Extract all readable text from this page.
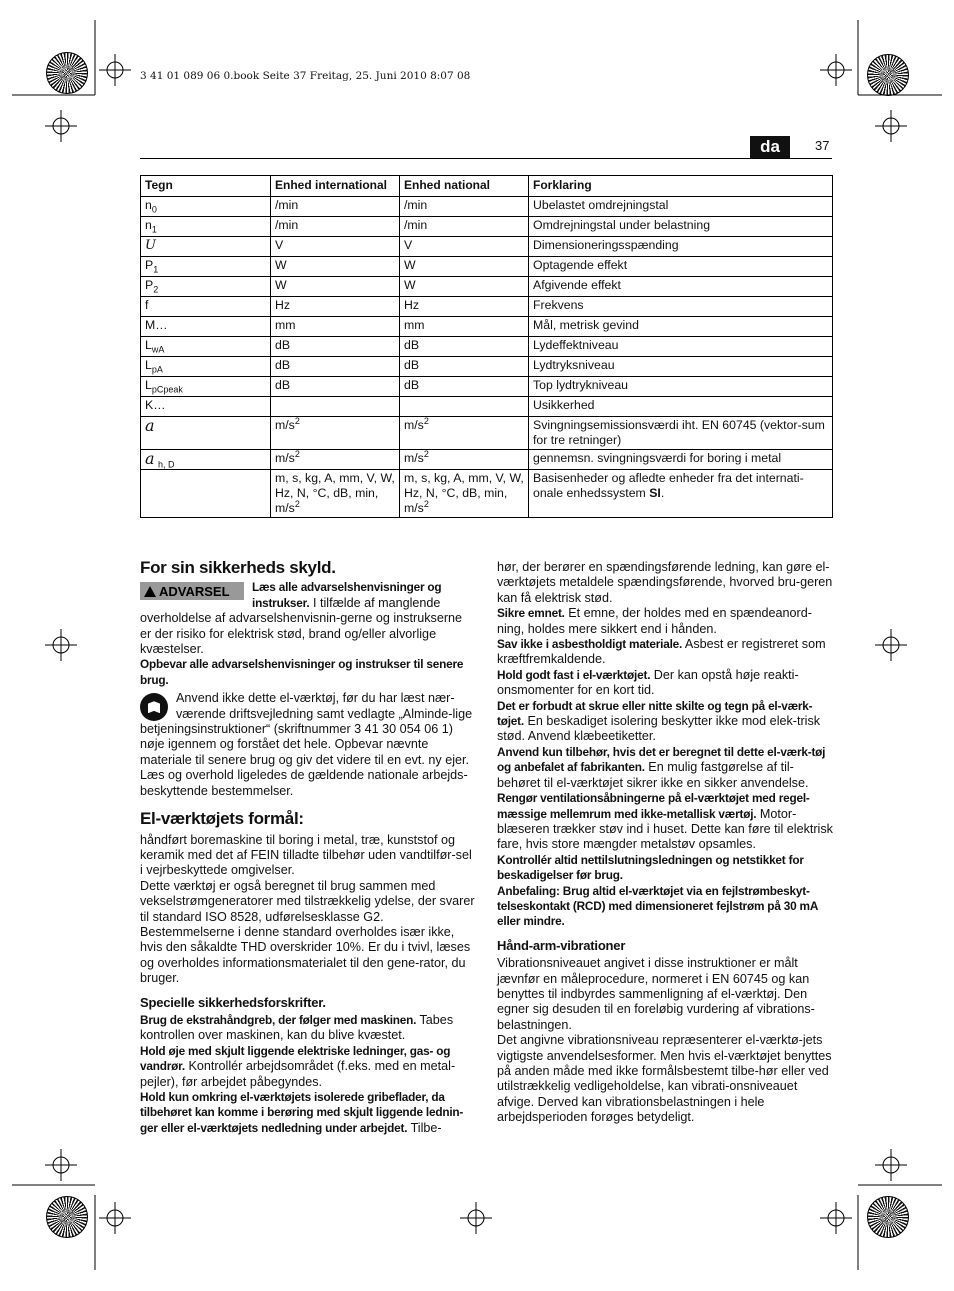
3 41 01 089 06 0.book Seite 37 Freitag, 25. Juni 2010 8:07 08
da	37
Tegn	Enhed international	Enhed national	Forklaring
$n_0$	/min	/min	Ubelastet omdrejningstal
$n_1$	/min	/min	Omdrejningstal under belastning
U	V	V	Dimensioneringsspænding
$P_1$	W	W	Optagende effekt
$P_2$	W	W	Afgivende effekt
f	Hz	Hz	Frekvens
M…	mm	mm	Mål, metrisk gevind
$L_{wA}$	dB	dB	Lydeffektniveau
$L_{pA}$	dB	dB	Lydtryksniveau
$L_{pCpeak}$	dB	dB	Top lydtrykniveau
K…			Usikkerhed
a	$m/s^2$	$m/s^2$	Svingningsemissionsværdi iht. EN 60745 (vektor-sum for tre retninger)
a $_{h, D}$	$m/s^2$	$m/s^2$	gennemsn. svingningsværdi for boring i metal
	m, s, kg, A, mm, V, W, Hz, N, °C, dB, min, $m/s^2$	m, s, kg, A, mm, V, W, Hz, N, °C, dB, min, $m/s^2$	Basisenheder og afledte enheder fra det internati-onale enhedssystem SI.
For sin sikkerheds skyld.

ADVARSEL	Læs alle advarselshenvisninger og instrukser. I tilfælde af manglende overholdelse af advarselshenvisnin-gerne og instrukserne er der risiko for elektrisk stød, brand og/eller alvorlige kvæstelser.

Opbevar alle advarselshenvisninger og instrukser til senere brug.

Anvend ikke dette el-værktøj, før du har læst nær-værende driftsvejledning samt vedlagte „Alminde-lige betjeningsinstruktioner“ (skriftnummer 3 41 30 054 06 1) nøje igennem og forstået det hele. Opbevar nævnte materiale til senere brug og giv det videre til en evt. ny ejer.

Læs og overhold ligeledes de gældende nationale arbejds-beskyttende bestemmelser.

El-værktøjets formål:

håndført boremaskine til boring i metal, træ, kunststof og keramik med det af FEIN tilladte tilbehør uden vandtilfør-sel i vejrbeskyttede omgivelser.

Dette værktøj er også beregnet til brug sammen med vekselstrømgeneratorer med tilstrækkelig ydelse, der svarer til standard ISO 8528, udførelsesklasse G2. Bestemmelserne i denne standard overholdes især ikke, hvis den såkaldte THD overskrider 10%. Er du i tvivl, læses og overholdes informationsmaterialet til den gene-rator, du bruger.

Specielle sikkerhedsforskrifter.

Brug de ekstrahåndgreb, der følger med maskinen. Tabes kontrollen over maskinen, kan du blive kvæstet.

Hold øje med skjult liggende elektriske ledninger, gas- og vandrør. Kontrollér arbejdsområdet (f.eks. med en metal-pejler), før arbejdet påbegyndes.

Hold kun omkring el-værktøjets isolerede gribeflader, da tilbehøret kan komme i berøring med skjult liggende lednin-ger eller el-værktøjets nedledning under arbejdet. Tilbe-

hør, der berører en spændingsførende ledning, kan gøre el-værktøjets metaldele spændingsførende, hvorved bru-geren kan få elektrisk stød.

Sikre emnet. Et emne, der holdes med en spændeanord-ning, holdes mere sikkert end i hånden.

Sav ikke i asbestholdigt materiale. Asbest er registreret som kræftfremkaldende.

Hold godt fast i el-værktøjet. Der kan opstå høje reakti-onsmomenter for en kort tid.

Det er forbudt at skrue eller nitte skilte og tegn på el-værk-tøjet. En beskadiget isolering beskytter ikke mod elek-trisk stød. Anvend klæbeetiketter.

Anvend kun tilbehør, hvis det er beregnet til dette el-værk-tøj og anbefalet af fabrikanten. En mulig fastgørelse af til-behøret til el-værktøjet sikrer ikke en sikker anvendelse.

Rengør ventilationsåbningerne på el-værktøjet med regel-mæssige mellemrum med ikke-metallisk værtøj. Motor-blæseren trækker støv ind i huset. Dette kan føre til elektrisk fare, hvis store mængder metalstøv opsamles.

Kontrollér altid nettilslutningsledningen og netstikket for beskadigelser før brug.

Anbefaling: Brug altid el-værktøjet via en fejlstrømbeskyt-telseskontakt (RCD) med dimensioneret fejlstrøm på 30 mA eller mindre.

Hånd-arm-vibrationer

Vibrationsniveauet angivet i disse instruktioner er målt jævnfør en måleprocedure, normeret i EN 60745 og kan benyttes til indbyrdes sammenligning af el-værktøj. Den egner sig desuden til en foreløbig vurdering af vibrations-belastningen.

Det angivne vibrationsniveau repræsenterer el-værktø-jets vigtigste anvendelsesformer. Men hvis el-værktøjet benyttes på anden måde med ikke formålsbestemt tilbe-hør eller ved utilstrækkelig vedligeholdelse, kan vibrati-onsniveauet afvige. Derved kan vibrationsbelastningen i hele arbejdsperioden forøges betydeligt.
